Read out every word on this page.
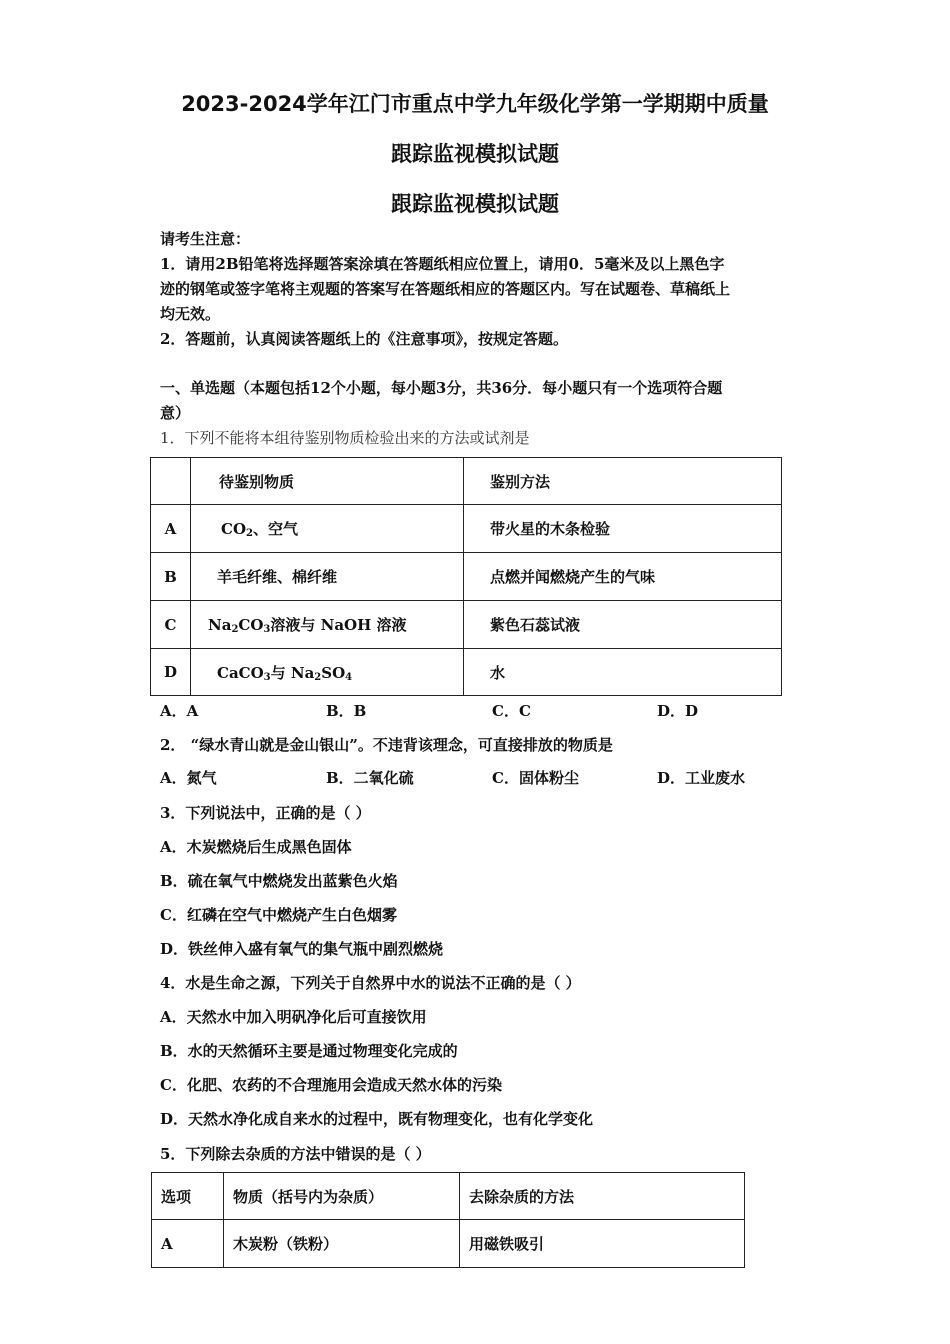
2023-2024学年江门市重点中学九年级化学第一学期期中质量
跟踪监视模拟试题
跟踪监视模拟试题
请考生注意：
1．请用2B铅笔将选择题答案涂填在答题纸相应位置上，请用0．5毫米及以上黑色字
迹的钢笔或签字笔将主观题的答案写在答题纸相应的答题区内。写在试题卷、草稿纸上
均无效。
2．答题前，认真阅读答题纸上的《注意事项》，按规定答题。
一、单选题（本题包括12个小题，每小题3分，共36分．每小题只有一个选项符合题
意）
1．下列不能将本组待鉴别物质检验出来的方法或试剂是
	待鉴别物质	鉴别方法
A	$CO_2$、空气	带火星的木条检验
B	羊毛纤维、棉纤维	点燃并闻燃烧产生的气味
C	$Na_2CO_3$溶液与 NaOH 溶液	紫色石蕊试液
D	CaCO$_3$与 $Na_2SO_4$	水
A．A	B．B	C．C	D．D
2． “绿水青山就是金山银山”。不违背该理念，可直接排放的物质是
A．氮气	B．二氧化硫	C．固体粉尘	D．工业废水
3．下列说法中，正确的是（ ）
A．木炭燃烧后生成黑色固体
B．硫在氧气中燃烧发出蓝紫色火焰
C．红磷在空气中燃烧产生白色烟雾
D．铁丝伸入盛有氧气的集气瓶中剧烈燃烧
4．水是生命之源，下列关于自然界中水的说法不正确的是（ ）
A．天然水中加入明矾净化后可直接饮用
B．水的天然循环主要是通过物理变化完成的
C．化肥、农药的不合理施用会造成天然水体的污染
D．天然水净化成自来水的过程中，既有物理变化，也有化学变化
5．下列除去杂质的方法中错误的是（ ）
选项	物质（括号内为杂质）	去除杂质的方法
A	木炭粉（铁粉）	用磁铁吸引
